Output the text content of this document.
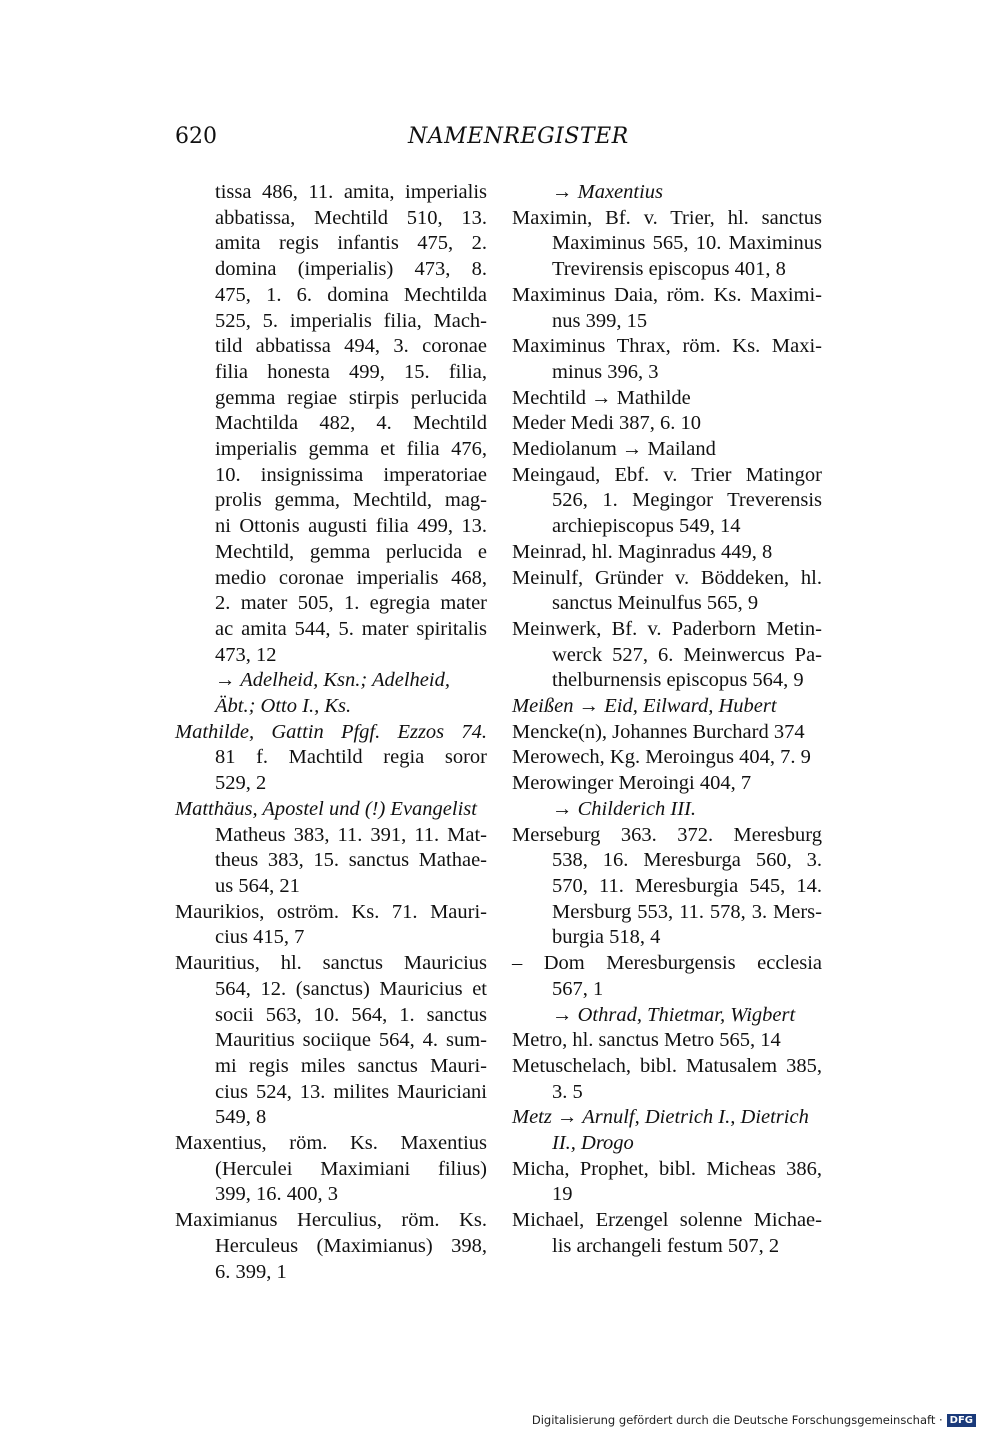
620	NAMENREGISTER
tissa 486, 11. amita, imperialis
abbatissa, Mechtild 510, 13.
amita regis infantis 475, 2.
domina (imperialis) 473, 8.
475, 1. 6. domina Mechtilda
525, 5. imperialis filia, Mach-
tild abbatissa 494, 3. coronae
filia honesta 499, 15. filia,
gemma regiae stirpis perlucida
Machtilda 482, 4. Mechtild
imperialis gemma et filia 476,
10. insignissima imperatoriae
prolis gemma, Mechtild, mag-
ni Ottonis augusti filia 499, 13.
Mechtild, gemma perlucida e
medio coronae imperialis 468,
2. mater 505, 1. egregia mater
ac amita 544, 5. mater spiritalis
473, 12
→ Adelheid, Ksn.; Adelheid,
Äbt.; Otto I., Ks.
Mathilde, Gattin Pfgf. Ezzos 74.
81 f. Machtild regia soror
529, 2
Matthäus, Apostel und (!) Evangelist
Matheus 383, 11. 391, 11. Mat-
theus 383, 15. sanctus Mathae-
us 564, 21
Maurikios, oström. Ks. 71. Mauri-
cius 415, 7
Mauritius, hl. sanctus Mauricius
564, 12. (sanctus) Mauricius et
socii 563, 10. 564, 1. sanctus
Mauritius sociique 564, 4. sum-
mi regis miles sanctus Mauri-
cius 524, 13. milites Mauriciani
549, 8
Maxentius, röm. Ks. Maxentius
(Herculei Maximiani filius)
399, 16. 400, 3
Maximianus Herculius, röm. Ks.
Herculeus (Maximianus) 398,
6. 399, 1
→ Maxentius
Maximin, Bf. v. Trier, hl. sanctus
Maximinus 565, 10. Maximinus
Trevirensis episcopus 401, 8
Maximinus Daia, röm. Ks. Maximi-
nus 399, 15
Maximinus Thrax, röm. Ks. Maxi-
minus 396, 3
Mechtild → Mathilde
Meder Medi 387, 6. 10
Mediolanum → Mailand
Meingaud, Ebf. v. Trier Matingor
526, 1. Megingor Treverensis
archiepiscopus 549, 14
Meinrad, hl. Maginradus 449, 8
Meinulf, Gründer v. Böddeken, hl.
sanctus Meinulfus 565, 9
Meinwerk, Bf. v. Paderborn Metin-
werck 527, 6. Meinwercus Pa-
thelburnensis episcopus 564, 9
Meißen → Eid, Eilward, Hubert
Mencke(n), Johannes Burchard 374
Merowech, Kg. Meroingus 404, 7. 9
Merowinger Meroingi 404, 7
→ Childerich III.
Merseburg 363. 372. Meresburg
538, 16. Meresburga 560, 3.
570, 11. Meresburgia 545, 14.
Mersburg 553, 11. 578, 3. Mers-
burgia 518, 4
– Dom Meresburgensis ecclesia
567, 1
→ Othrad, Thietmar, Wigbert
Metro, hl. sanctus Metro 565, 14
Metuschelach, bibl. Matusalem 385,
3. 5
Metz → Arnulf, Dietrich I., Dietrich
II., Drogo
Micha, Prophet, bibl. Micheas 386,
19
Michael, Erzengel solenne Michae-
lis archangeli festum 507, 2
Digitalisierung gefördert durch die Deutsche Forschungsgemeinschaft · DFG
